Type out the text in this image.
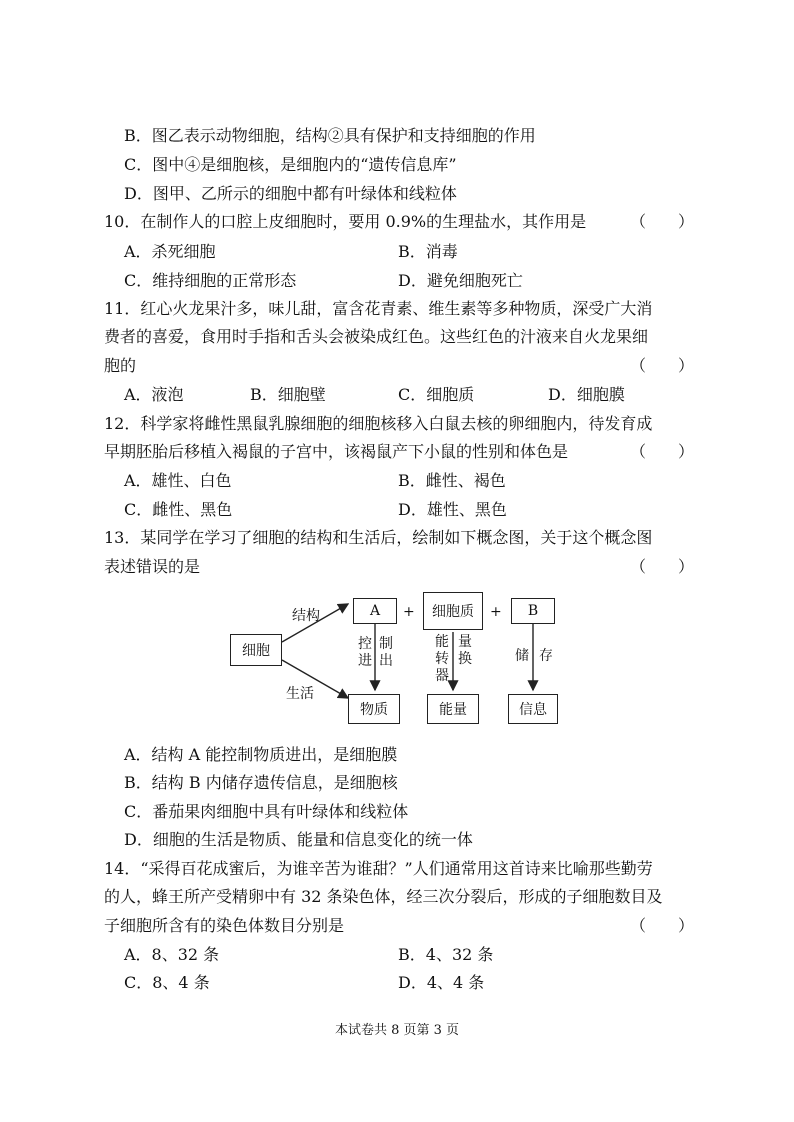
B．图乙表示动物细胞，结构②具有保护和支持细胞的作用
C．图中④是细胞核，是细胞内的“遗传信息库”
D．图甲、乙所示的细胞中都有叶绿体和线粒体
10．在制作人的口腔上皮细胞时，要用 0.9%的生理盐水，其作用是	（　　）
A．杀死细胞	B．消毒
C．维持细胞的正常形态	D．避免细胞死亡
11．红心火龙果汁多，味儿甜，富含花青素、维生素等多种物质，深受广大消
费者的喜爱，食用时手指和舌头会被染成红色。这些红色的汁液来自火龙果细
胞的	（　　）
A．液泡	B．细胞壁	C．细胞质	D．细胞膜
12．科学家将雌性黑鼠乳腺细胞的细胞核移入白鼠去核的卵细胞内，待发育成
早期胚胎后移植入褐鼠的子宫中，该褐鼠产下小鼠的性别和体色是	（　　）
A．雄性、白色	B．雌性、褐色
C．雌性、黑色	D．雄性、黑色
13．某同学在学习了细胞的结构和生活后，绘制如下概念图，关于这个概念图
表述错误的是	（　　）
细胞
结构
生活
A	+	细胞质	+	B
控进
制出
能转器
量换	储 存
物质	能量	信息
A．结构 A 能控制物质进出，是细胞膜
B．结构 B 内储存遗传信息，是细胞核
C．番茄果肉细胞中具有叶绿体和线粒体
D．细胞的生活是物质、能量和信息变化的统一体
14．“采得百花成蜜后，为谁辛苦为谁甜？”人们通常用这首诗来比喻那些勤劳
的人，蜂王所产受精卵中有 32 条染色体，经三次分裂后，形成的子细胞数目及
子细胞所含有的染色体数目分别是	（　　）
A．8、32 条	B．4、32 条
C．8、4 条	D．4、4 条
本试卷共 8 页第 3 页
